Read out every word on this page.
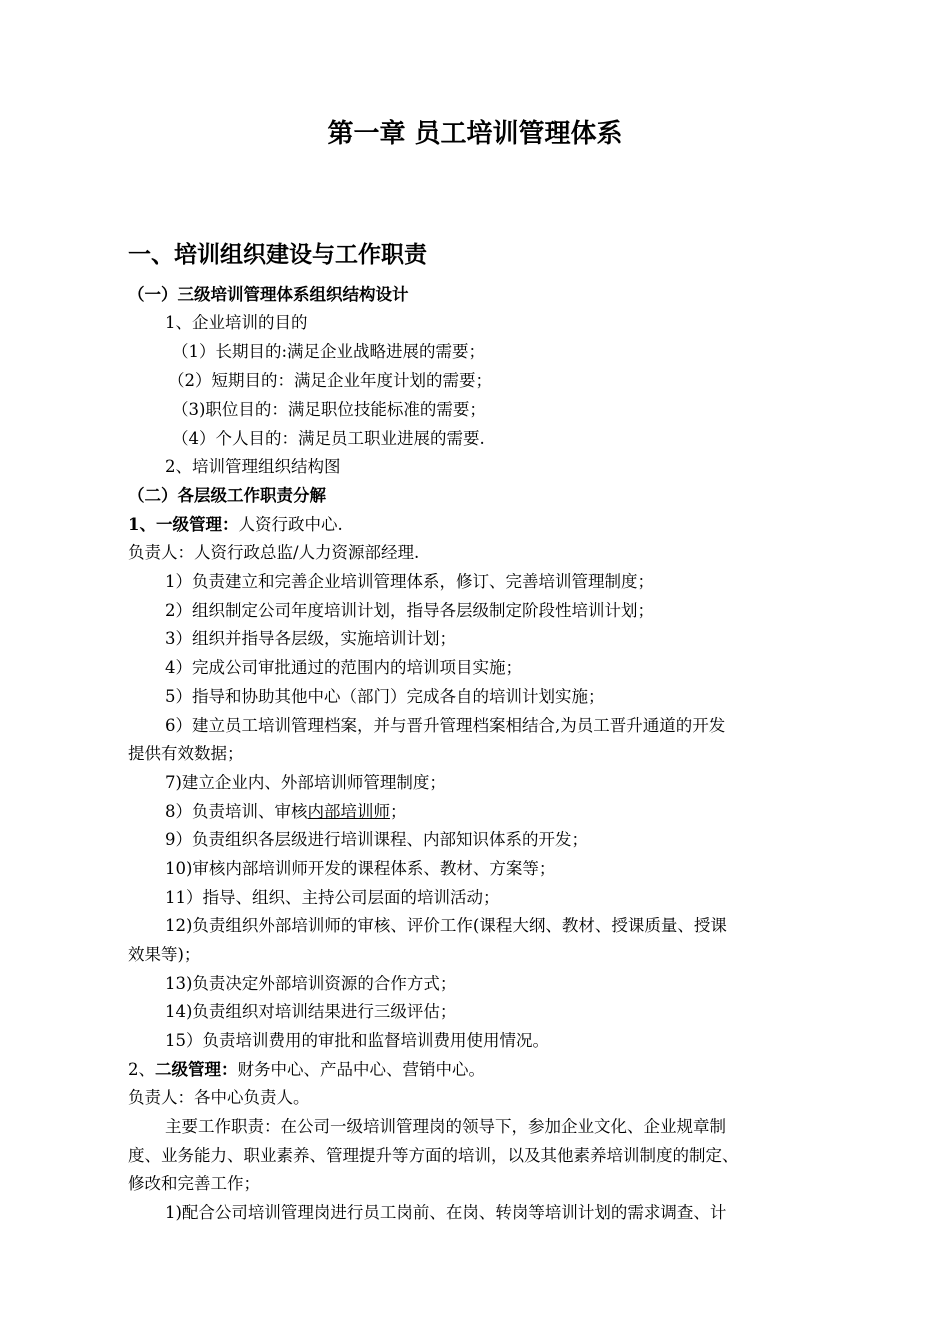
第一章 员工培训管理体系
一、培训组织建设与工作职责
（一）三级培训管理体系组织结构设计
1、企业培训的目的
（1）长期目的:满足企业战略进展的需要；
（2）短期目的：满足企业年度计划的需要；
（3)职位目的：满足职位技能标准的需要；
（4）个人目的：满足员工职业进展的需要.
2、培训管理组织结构图
（二）各层级工作职责分解
1、一级管理：人资行政中心.
负责人：人资行政总监/人力资源部经理.
1）负责建立和完善企业培训管理体系，修订、完善培训管理制度；
2）组织制定公司年度培训计划，指导各层级制定阶段性培训计划；
3）组织并指导各层级，实施培训计划；
4）完成公司审批通过的范围内的培训项目实施；
5）指导和协助其他中心（部门）完成各自的培训计划实施；
6）建立员工培训管理档案，并与晋升管理档案相结合,为员工晋升通道的开发
提供有效数据；
7)建立企业内、外部培训师管理制度；
8）负责培训、审核内部培训师；
9）负责组织各层级进行培训课程、内部知识体系的开发；
10)审核内部培训师开发的课程体系、教材、方案等；
11）指导、组织、主持公司层面的培训活动；
12)负责组织外部培训师的审核、评价工作(课程大纲、教材、授课质量、授课
效果等)；
13)负责决定外部培训资源的合作方式；
14)负责组织对培训结果进行三级评估；
15）负责培训费用的审批和监督培训费用使用情况。
2、二级管理：财务中心、产品中心、营销中心。
负责人：各中心负责人。
主要工作职责：在公司一级培训管理岗的领导下，参加企业文化、企业规章制
度、业务能力、职业素养、管理提升等方面的培训，以及其他素养培训制度的制定、
修改和完善工作；
1)配合公司培训管理岗进行员工岗前、在岗、转岗等培训计划的需求调查、计
